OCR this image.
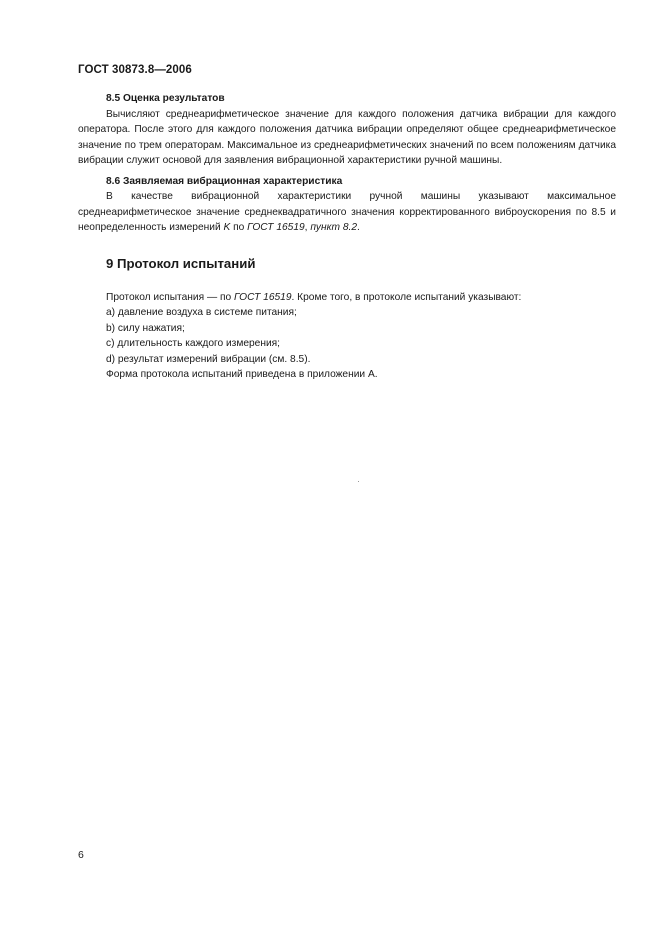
ГОСТ 30873.8—2006

8.5 Оценка результатов

Вычисляют среднеарифметическое значение для каждого положения датчика вибрации для каждого оператора. После этого для каждого положения датчика вибрации определяют общее среднеарифметическое значение по трем операторам. Максимальное из среднеарифметических значений по всем положениям датчика вибрации служит основой для заявления вибрационной характеристики ручной машины.

8.6 Заявляемая вибрационная характеристика

В качестве вибрационной характеристики ручной машины указывают максимальное среднеарифметическое значение среднеквадратичного значения корректированного виброускорения по 8.5 и неопределенность измерений K по ГОСТ 16519, пункт 8.2.

9 Протокол испытаний

Протокол испытания — по ГОСТ 16519. Кроме того, в протоколе испытаний указывают:

a) давление воздуха в системе питания;

b) силу нажатия;

c) длительность каждого измерения;

d) результат измерений вибрации (см. 8.5).

Форма протокола испытаний приведена в приложении А.

6
